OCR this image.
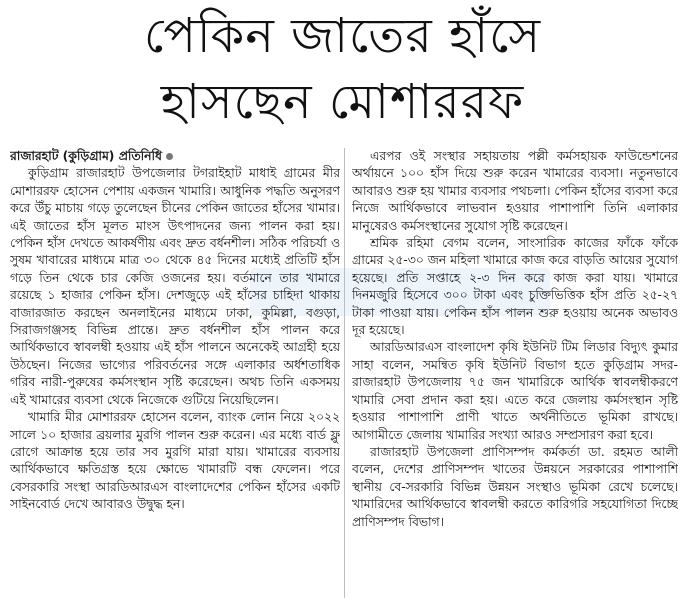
পেকিন জাতের হাঁসে
হাসছেন মোশাররফ
রাজারহাট (কুড়িগ্রাম) প্রতিনিধি

কুড়িগ্রাম রাজারহাট উপজেলার টগরাইহাট মাধাই গ্রামের মীর মোশাররফ হোসেন পেশায় একজন খামারি। আধুনিক পদ্ধতি অনুসরণ করে উঁচু মাচায় গড়ে তুলেছেন চীনের পেকিন জাতের হাঁসের খামার। এই জাতের হাঁস মূলত মাংস উৎপাদনের জন্য পালন করা হয়। পেকিন হাঁস দেখতে আকর্ষণীয় এবং দ্রুত বর্ধনশীল। সঠিক পরিচর্যা ও সুষম খাবারের মাধ্যমে মাত্র ৩০ থেকে ৪৫ দিনের মধ্যেই প্রতিটি হাঁস গড়ে তিন থেকে চার কেজি ওজনের হয়। বর্তমানে তার খামারে রয়েছে ১ হাজার পেকিন হাঁস। দেশজুড়ে এই হাঁসের চাহিদা থাকায় বাজারজাত করছেন অনলাইনের মাধ্যমে ঢাকা, কুমিল্লা, বগুড়া, সিরাজগঞ্জসহ বিভিন্ন প্রান্তে। দ্রুত বর্ধনশীল হাঁস পালন করে আর্থিকভাবে স্বাবলম্বী হওয়ায় এই হাঁস পালনে অনেকেই আগ্রহী হয়ে উঠছেন। নিজের ভাগ্যের পরিবর্তনের সঙ্গে এলাকার অর্ধশতাধিক গরিব নারী-পুরুষের কর্মসংস্থান সৃষ্টি করেছেন। অথচ তিনি একসময় এই খামারের ব্যবসা থেকে নিজেকে গুটিয়ে নিয়েছিলেন।

খামারি মীর মোশাররফ হোসেন বলেন, ব্যাংক লোন নিয়ে ২০২২ সালে ১০ হাজার ব্রয়লার মুরগি পালন শুরু করেন। এর মধ্যে বার্ড ফ্লু রোগে আক্রান্ত হয়ে তার সব মুরগি মারা যায়। খামারের ব্যবসায় আর্থিকভাবে ক্ষতিগ্রস্ত হয়ে ক্ষোভে খামারটি বন্ধ ফেলেন। পরে বেসরকারি সংস্থা আরডিআরএস বাংলাদেশের পেকিন হাঁসের একটি সাইনবোর্ড দেখে আবারও উদ্বুদ্ধ হন।

এরপর ওই সংস্থার সহায়তায় পল্লী কর্মসহায়ক ফাউন্ডেশনের অর্থায়নে ১০০ হাঁস দিয়ে শুরু করেন খামারের ব্যবসা। নতুনভাবে আবারও শুরু হয় খামার ব্যবসার পথচলা। পেকিন হাঁসের ব্যবসা করে নিজে আর্থিকভাবে লাভবান হওয়ার পাশাপাশি তিনি এলাকার মানুষেরও কর্মসংস্থানের সুযোগ সৃষ্টি করেছেন।

শ্রমিক রহিমা বেগম বলেন, সাংসারিক কাজের ফাঁকে ফাঁকে গ্রামের ২৫-৩০ জন মহিলা খামারে কাজ করে বাড়তি আয়ের সুযোগ হয়েছে। প্রতি সপ্তাহে ২-৩ দিন করে কাজ করা যায়। খামারে দিনমজুরি হিসেবে ৩০০ টাকা এবং চুক্তিভিত্তিক হাঁস প্রতি ২৫-২৭ টাকা পাওয়া যায়। পেকিন হাঁস পালন শুরু হওয়ায় অনেক অভাবও দূর হয়েছে।

আরডিআরএস বাংলাদেশ কৃষি ইউনিট টিম লিডার বিদ্যুৎ কুমার সাহা বলেন, সমন্বিত কৃষি ইউনিট বিভাগ হতে কুড়িগ্রাম সদর-রাজারহাট উপজেলায় ৭৫ জন খামারিকে আর্থিক স্বাবলম্বীকরণে খামারি সেবা প্রদান করা হয়। এতে করে জেলায় কর্মসংস্থান সৃষ্টি হওয়ার পাশাপাশি প্রাণী খাতে অর্থনীতিতে ভূমিকা রাখছে। আগামীতে জেলায় খামারির সংখ্যা আরও সম্প্রসারণ করা হবে।

রাজারহাট উপজেলা প্রাণিসম্পদ কর্মকর্তা ডা. রহমত আলী বলেন, দেশের প্রাণিসম্পদ খাতের উন্নয়নে সরকারের পাশাপাশি স্থানীয় বে-সরকারি বিভিন্ন উন্নয়ন সংস্থাও ভূমিকা রেখে চলেছে। খামারিদের আর্থিকভাবে স্বাবলম্বী করতে কারিগরি সহযোগিতা দিচ্ছে প্রাণিসম্পদ বিভাগ।
